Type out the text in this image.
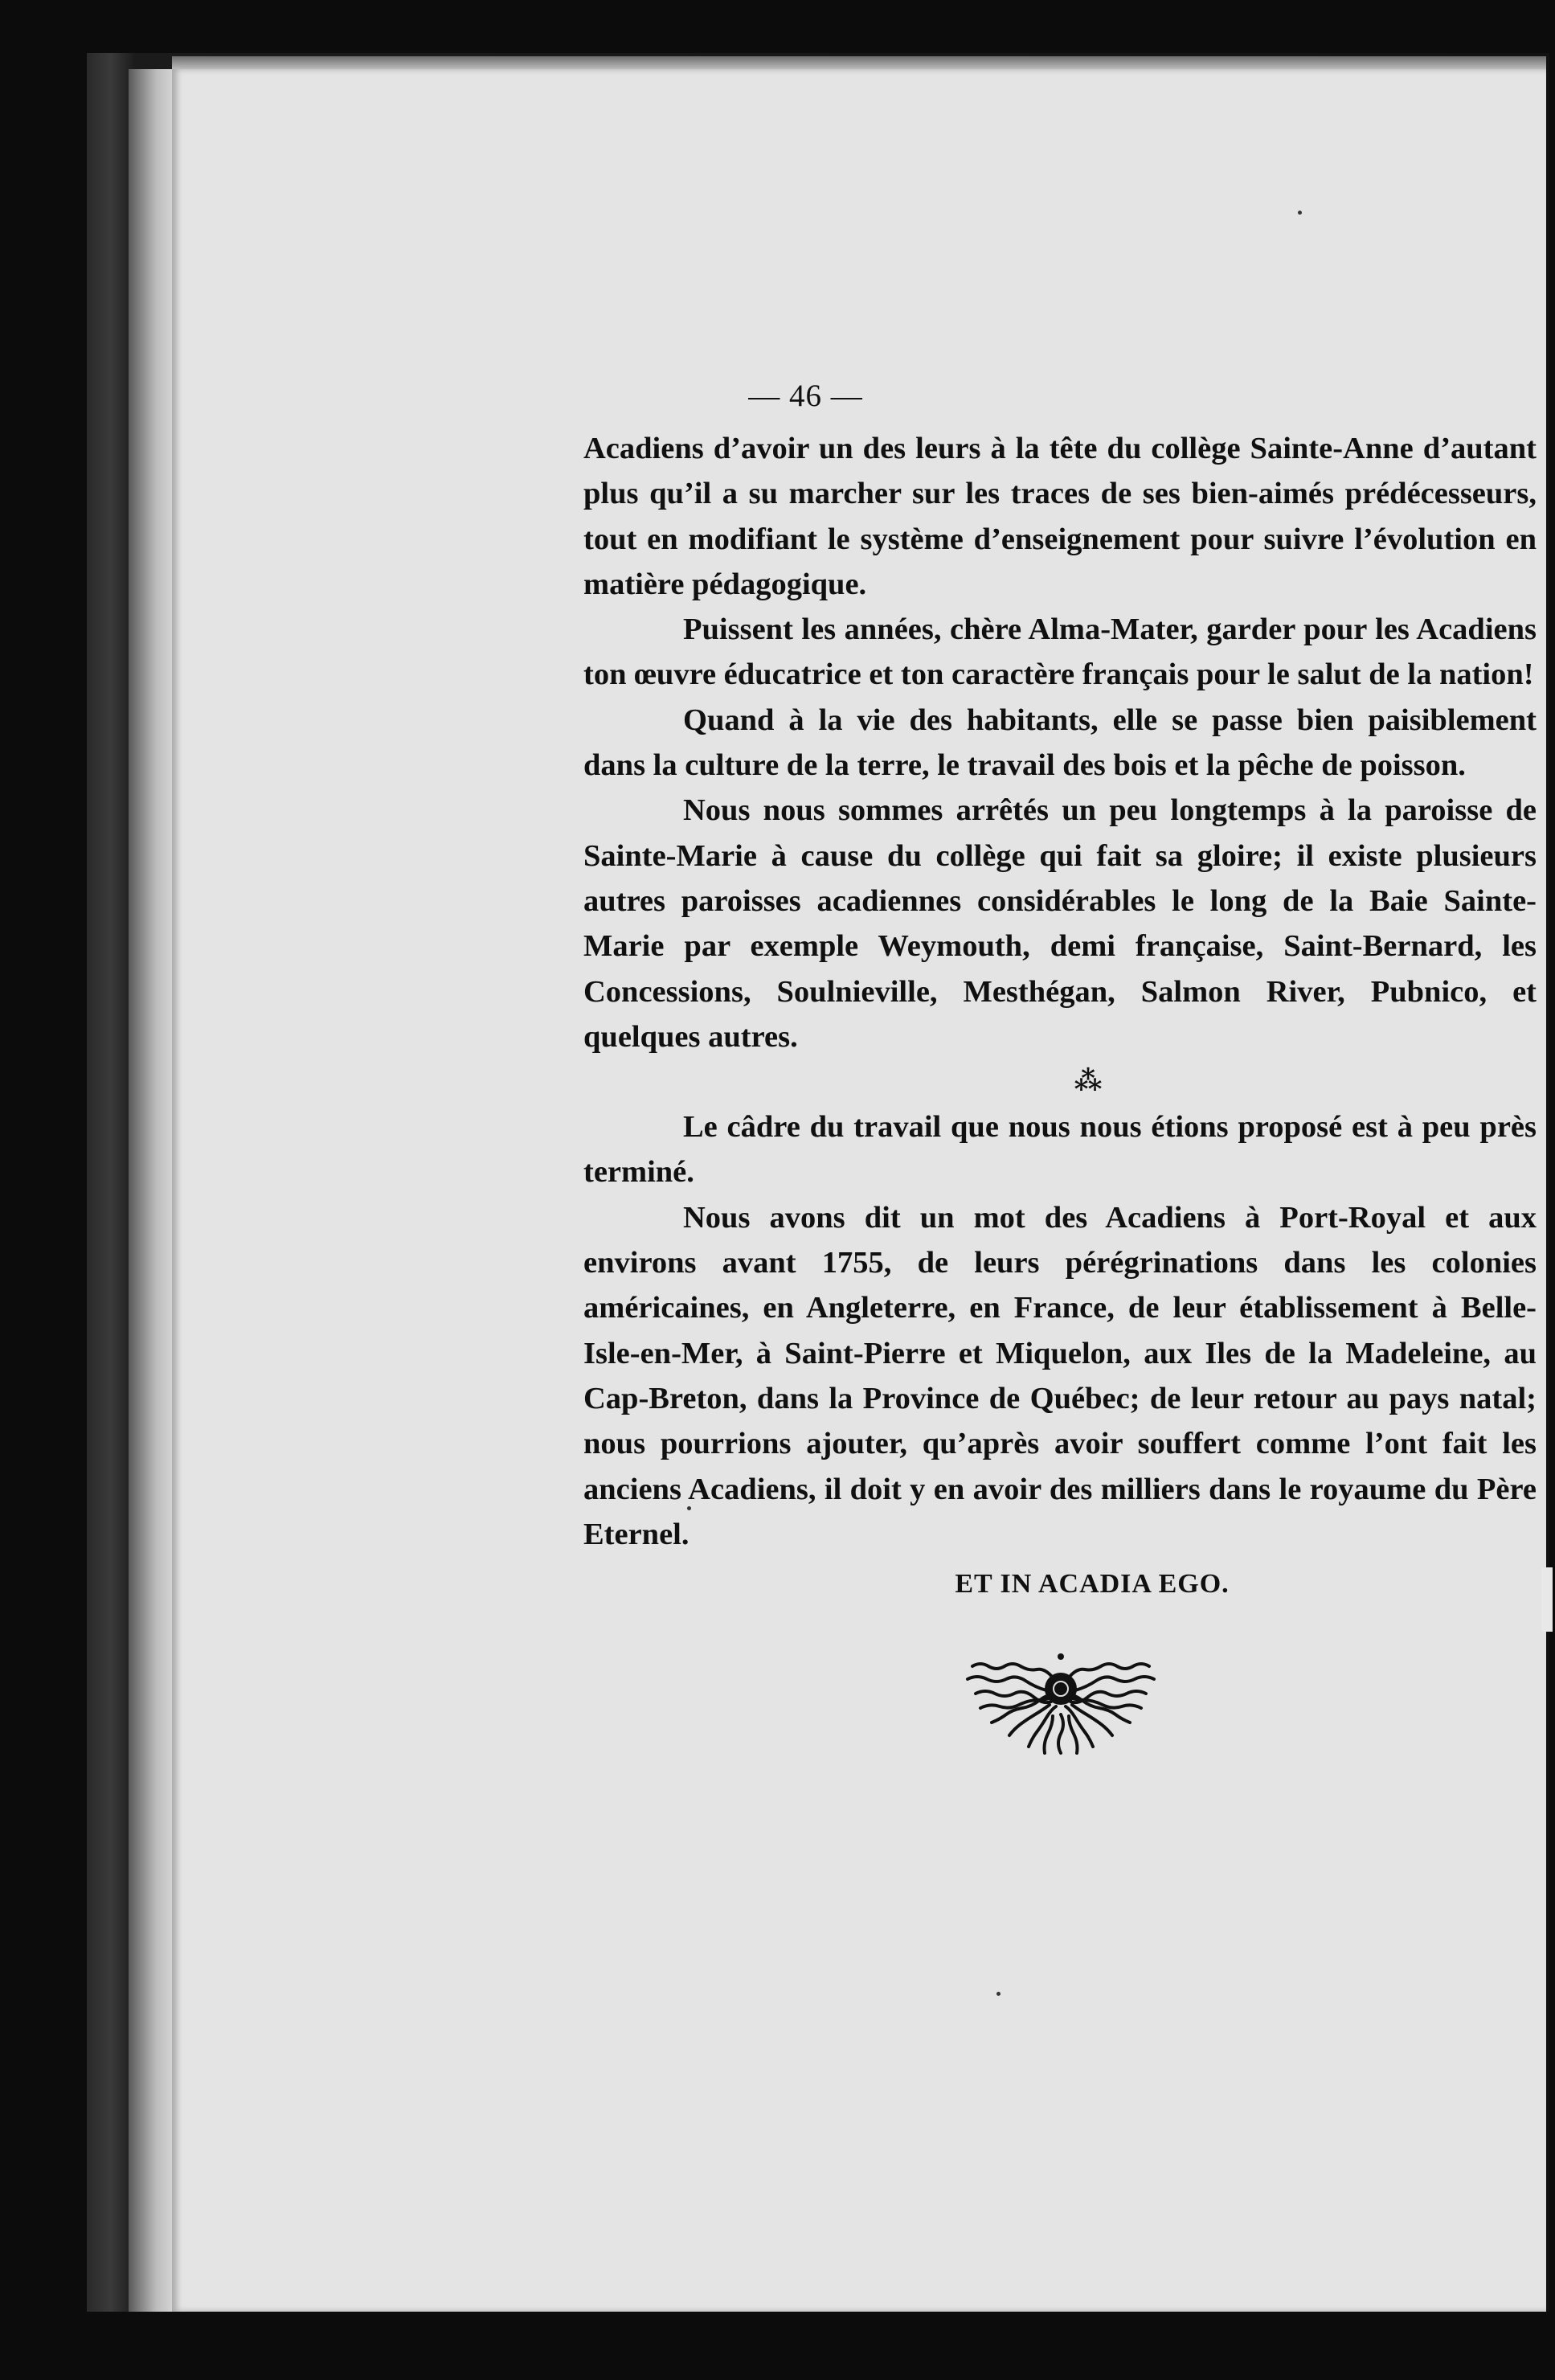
— 46 —

Acadiens d’avoir un des leurs à la tête du collège Sainte-Anne d’autant plus qu’il a su marcher sur les traces de ses bien-aimés prédécesseurs, tout en modifiant le système d’enseignement pour suivre l’évolution en matière pédagogique.

Puissent les années, chère Alma-Mater, garder pour les Acadiens ton œuvre éducatrice et ton caractère français pour le salut de la nation!

Quand à la vie des habitants, elle se passe bien paisiblement dans la culture de la terre, le travail des bois et la pêche de poisson.

Nous nous sommes arrêtés un peu longtemps à la paroisse de Sainte-Marie à cause du collège qui fait sa gloire; il existe plusieurs autres paroisses acadiennes considérables le long de la Baie Sainte-Marie par exemple Weymouth, demi française, Saint-Bernard, les Concessions, Soulnieville, Mesthégan, Salmon River, Pubnico, et quelques autres.

⁂

Le câdre du travail que nous nous étions proposé est à peu près terminé.

Nous avons dit un mot des Acadiens à Port-Royal et aux environs avant 1755, de leurs pérégrinations dans les colonies américaines, en Angleterre, en France, de leur établissement à Belle-Isle-en-Mer, à Saint-Pierre et Miquelon, aux Iles de la Madeleine, au Cap-Breton, dans la Province de Québec; de leur retour au pays natal; nous pourrions ajouter, qu’après avoir souffert comme l’ont fait les anciens Acadiens, il doit y en avoir des milliers dans le royaume du Père Eternel.

ET IN ACADIA EGO.
